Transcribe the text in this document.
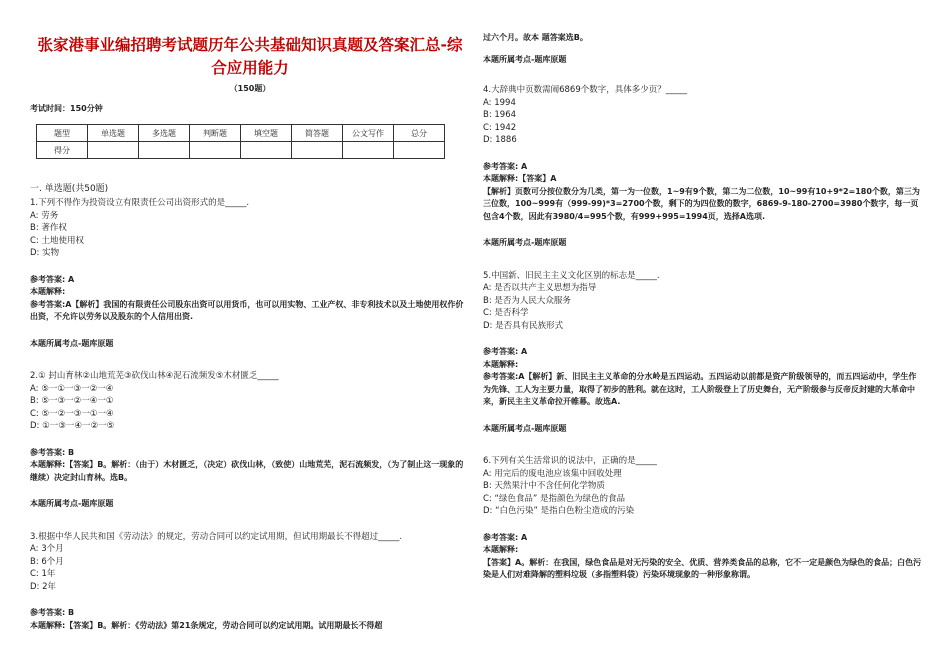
张家港事业编招聘考试题历年公共基础知识真题及答案汇总-综合应用能力
（150题）
考试时间：150分钟
题型	单选题	多选题	判断题	填空题	简答题	公文写作	总分
得分							
一. 单选题(共50题)
1.下列不得作为投资设立有限责任公司出资形式的是_____.
A: 劳务
B: 著作权
C: 土地使用权
D: 实物
参考答案: A
本题解释:
参考答案:A【解析】我国的有限责任公司股东出资可以用货币，也可以用实物、工业产权、非专利技术以及土地使用权作价出资，不允许以劳务以及股东的个人信用出资.
本题所属考点-题库原题
2.① 封山育林②山地荒芜③砍伐山林④泥石流频发⑤木材匮乏_____
A: ⑤一①一③一②一④
B: ⑤一③一②一④一①
C: ⑤一②一③一①一④
D: ①一③一④一②一⑤
参考答案: B
本题解释:【答案】B。解析：（由于）木材匮乏，（决定）砍伐山林，（致使）山地荒芜，泥石流频发，（为了制止这一现象的继续）决定封山育林。选B。
本题所属考点-题库原题
3.根据中华人民共和国《劳动法》的规定，劳动合同可以约定试用期，但试用期最长不得超过_____.
A: 3个月
B: 6个月
C: 1年
D: 2年
参考答案: B
本题解释:【答案】B。解析：《劳动法》第21条规定，劳动合同可以约定试用期。试用期最长不得超
过六个月。故本 题答案选B。
本题所属考点-题库原题
4.大辞典中页数需闹6869个数字，具体多少页？_____
A: 1994
B: 1964
C: 1942
D: 1886
参考答案: A
本题解释:【答案】A
【解析】页数可分按位数分为几类，第一为一位数，1~9有9个数，第二为二位数，10~99有10+9*2=180个数，第三为三位数，100~999有（999-99)*3=2700个数，剩下的为四位数的数字，6869-9-180-2700=3980个数字，每一页包含4个数，因此有3980/4=995个数，有999+995=1994页，选择A选项.
本题所属考点-题库原题
5.中国新、旧民主主义文化区别的标志是_____.
A: 是否以共产主义思想为指导
B: 是否为人民大众服务
C: 是否科学
D: 是否具有民族形式
参考答案: A
本题解释:
参考答案:A【解析】新、旧民主主义革命的分水岭是五四运动。五四运动以前都是资产阶级领导的，而五四运动中，学生作为先锋、工人为主要力量，取得了初步的胜利。就在这时，工人阶级登上了历史舞台，无产阶级参与反帝反封建的大革命中来，新民主主义革命拉开帷幕。故选A.
本题所属考点-题库原题
6.下列有关生活常识的说法中，正确的是_____
A: 用完后的废电池应该集中回收处理
B: 天然果汁中不含任何化学物质
C: “绿色食品” 是指颜色为绿色的食品
D: “白色污染” 是指白色粉尘造成的污染
参考答案: A
本题解释:
【答案】A。解析：在我国，绿色食品是对无污染的安全、优质、营养类食品的总称，它不一定是颜色为绿色的食品；白色污染是人们对难降解的塑料垃圾（多指塑料袋）污染环境现象的一种形象称谓。
